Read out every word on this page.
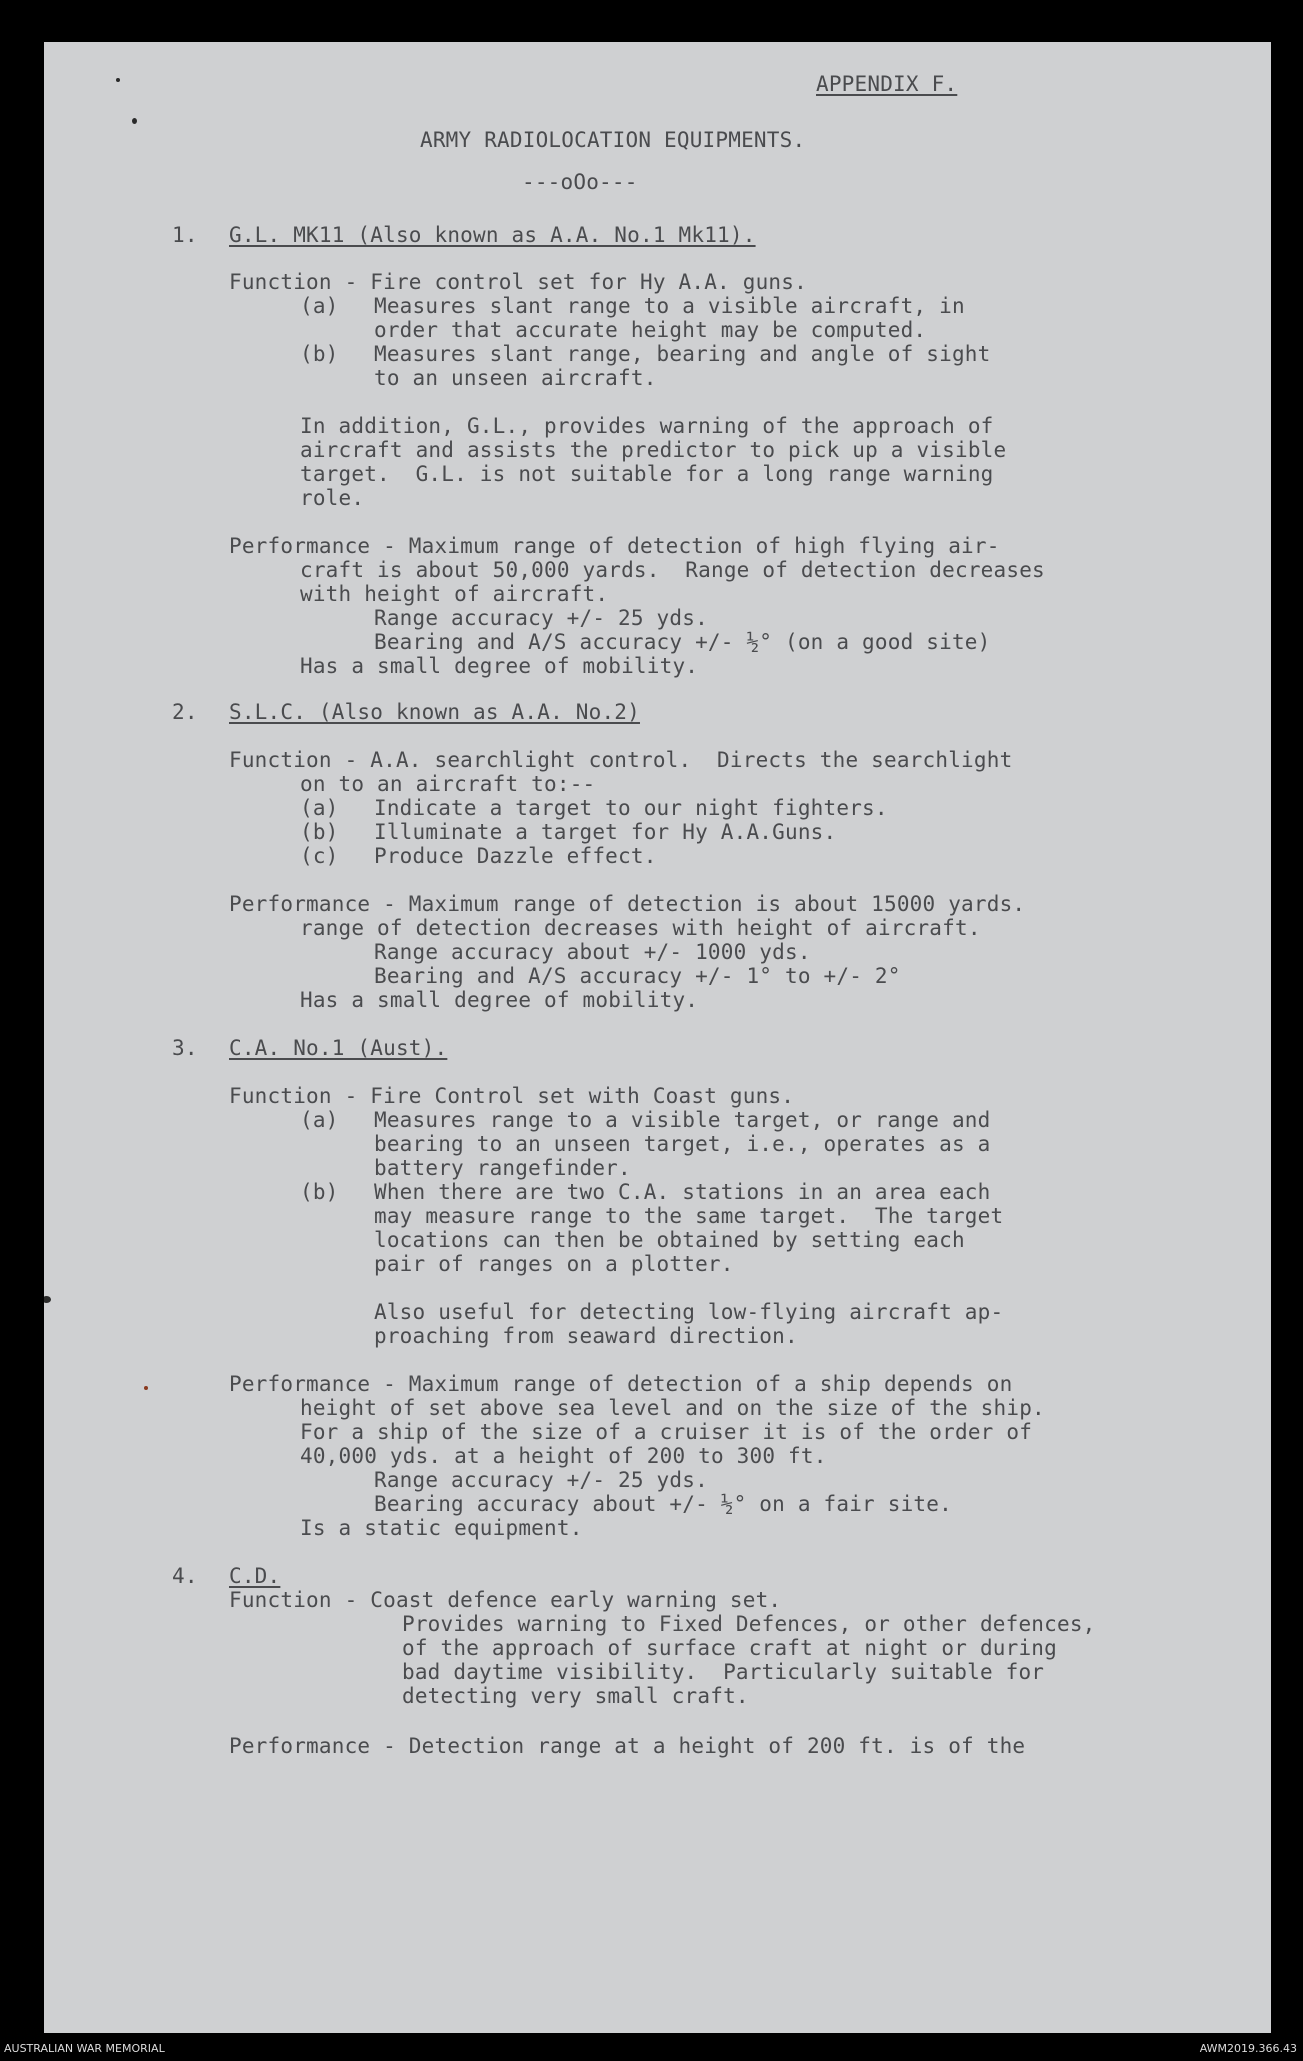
APPENDIX F.
ARMY RADIOLOCATION EQUIPMENTS.
---oOo---
1. G.L. MK11 (Also known as A.A. No.1 Mk11).
Function - Fire control set for Hy A.A. guns.
(a) Measures slant range to a visible aircraft, in
order that accurate height may be computed.
(b) Measures slant range, bearing and angle of sight
to an unseen aircraft.
In addition, G.L., provides warning of the approach of
aircraft and assists the predictor to pick up a visible
target.  G.L. is not suitable for a long range warning
role.
Performance - Maximum range of detection of high flying air-
craft is about 50,000 yards.  Range of detection decreases
with height of aircraft.
Range accuracy +/- 25 yds.
Bearing and A/S accuracy +/- ½° (on a good site)
Has a small degree of mobility.
2. S.L.C. (Also known as A.A. No.2)
Function - A.A. searchlight control.  Directs the searchlight
on to an aircraft to:--
(a) Indicate a target to our night fighters.
(b) Illuminate a target for Hy A.A.Guns.
(c) Produce Dazzle effect.
Performance - Maximum range of detection is about 15000 yards.
range of detection decreases with height of aircraft.
Range accuracy about +/- 1000 yds.
Bearing and A/S accuracy +/- 1° to +/- 2°
Has a small degree of mobility.
3. C.A. No.1 (Aust).
Function - Fire Control set with Coast guns.
(a) Measures range to a visible target, or range and
bearing to an unseen target, i.e., operates as a
battery rangefinder.
(b) When there are two C.A. stations in an area each
may measure range to the same target.  The target
locations can then be obtained by setting each
pair of ranges on a plotter.
Also useful for detecting low-flying aircraft ap-
proaching from seaward direction.
Performance - Maximum range of detection of a ship depends on
height of set above sea level and on the size of the ship.
For a ship of the size of a cruiser it is of the order of
40,000 yds. at a height of 200 to 300 ft.
Range accuracy +/- 25 yds.
Bearing accuracy about +/- ½° on a fair site.
Is a static equipment.
4. C.D.
Function - Coast defence early warning set.
Provides warning to Fixed Defences, or other defences,
of the approach of surface craft at night or during
bad daytime visibility.  Particularly suitable for
detecting very small craft.
Performance - Detection range at a height of 200 ft. is of the
AUSTRALIAN WAR MEMORIAL	AWM2019.366.43
